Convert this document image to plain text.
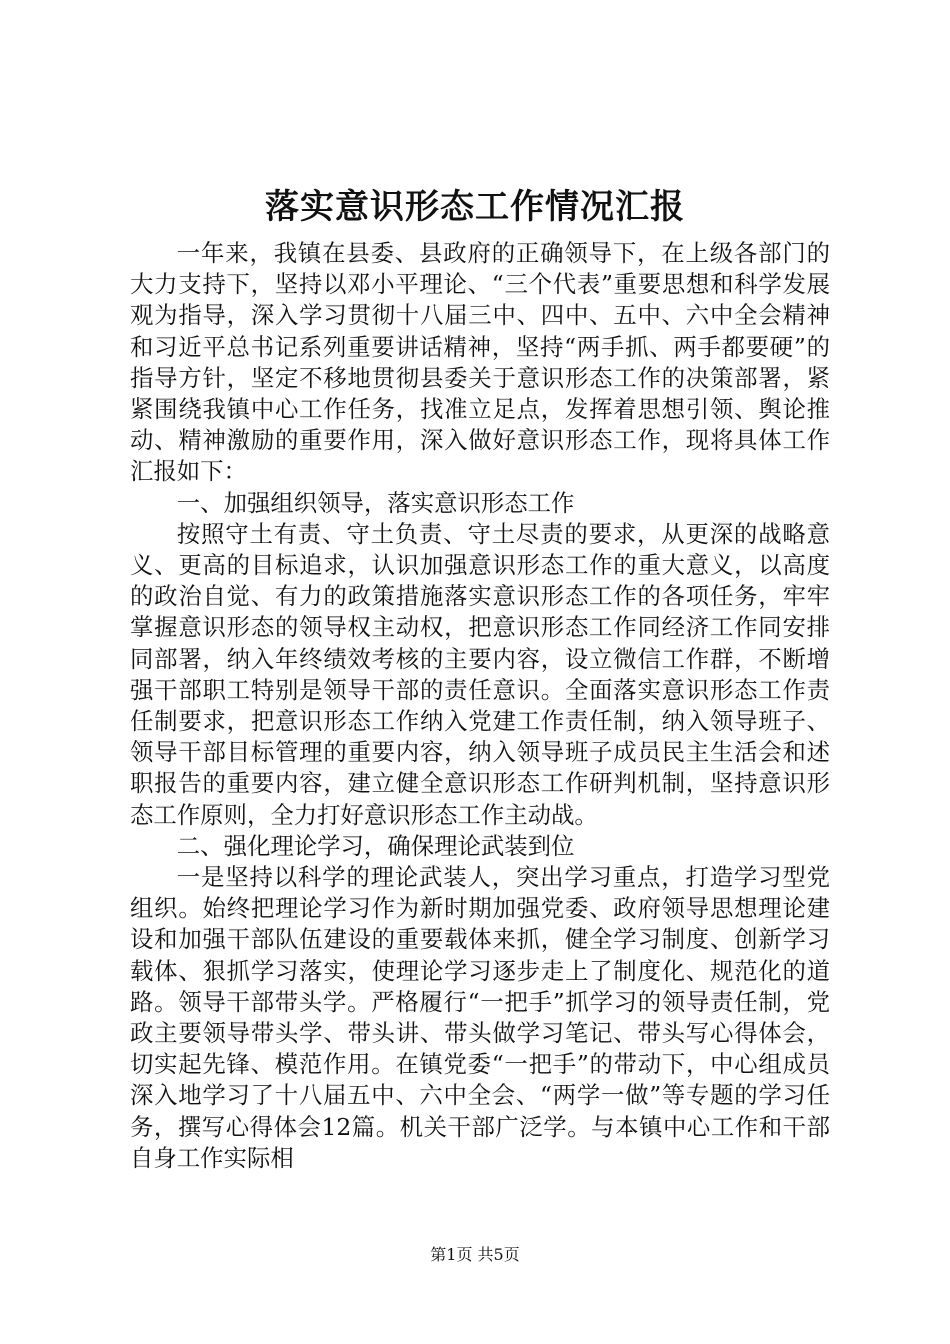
落实意识形态工作情况汇报

一年来，我镇在县委、县政府的正确领导下，在上级各部门的大力支持下，坚持以邓小平理论、“三个代表”重要思想和科学发展观为指导，深入学习贯彻十八届三中、四中、五中、六中全会精神和习近平总书记系列重要讲话精神，坚持“两手抓、两手都要硬”的指导方针，坚定不移地贯彻县委关于意识形态工作的决策部署，紧紧围绕我镇中心工作任务，找准立足点，发挥着思想引领、舆论推动、精神激励的重要作用，深入做好意识形态工作，现将具体工作汇报如下：

一、加强组织领导，落实意识形态工作

按照守土有责、守土负责、守土尽责的要求，从更深的战略意义、更高的目标追求，认识加强意识形态工作的重大意义，以高度的政治自觉、有力的政策措施落实意识形态工作的各项任务，牢牢掌握意识形态的领导权主动权，把意识形态工作同经济工作同安排同部署，纳入年终绩效考核的主要内容，设立微信工作群，不断增强干部职工特别是领导干部的责任意识。全面落实意识形态工作责任制要求，把意识形态工作纳入党建工作责任制，纳入领导班子、领导干部目标管理的重要内容，纳入领导班子成员民主生活会和述职报告的重要内容，建立健全意识形态工作研判机制，坚持意识形态工作原则，全力打好意识形态工作主动战。

二、强化理论学习，确保理论武装到位

一是坚持以科学的理论武装人，突出学习重点，打造学习型党组织。始终把理论学习作为新时期加强党委、政府领导思想理论建设和加强干部队伍建设的重要载体来抓，健全学习制度、创新学习载体、狠抓学习落实，使理论学习逐步走上了制度化、规范化的道路。领导干部带头学。严格履行“一把手”抓学习的领导责任制，党政主要领导带头学、带头讲、带头做学习笔记、带头写心得体会，切实起先锋、模范作用。在镇党委“一把手”的带动下，中心组成员深入地学习了十八届五中、六中全会、“两学一做”等专题的学习任务，撰写心得体会12篇。机关干部广泛学。与本镇中心工作和干部自身工作实际相

第1页 共5页
